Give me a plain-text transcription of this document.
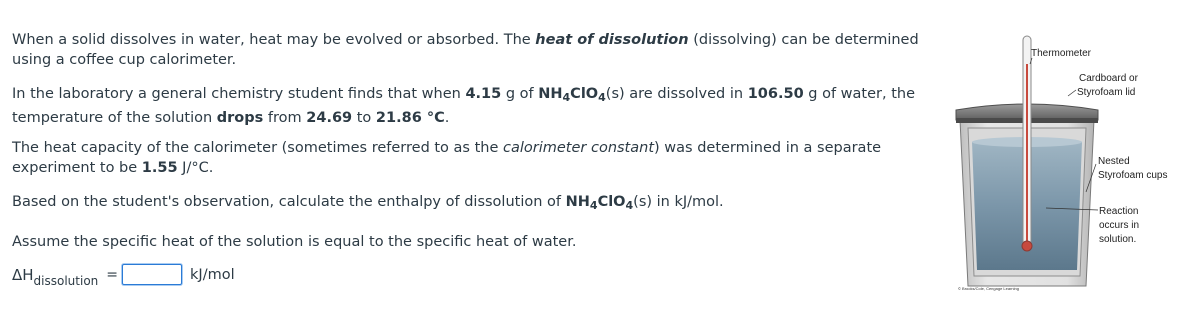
When a solid dissolves in water, heat may be evolved or absorbed. The heat of dissolution (dissolving) can be determined using a coffee cup calorimeter.
In the laboratory a general chemistry student finds that when 4.15 g of $NH_4ClO_4(s)$ are dissolved in 106.50 g of water, the temperature of the solution drops from 24.69 to 21.86 °C.
The heat capacity of the calorimeter (sometimes referred to as the calorimeter constant) was determined in a separate experiment to be 1.55 J/°C.
Based on the student's observation, calculate the enthalpy of dissolution of $NH_4ClO_4(s)$ in kJ/mol.
Assume the specific heat of the solution is equal to the specific heat of water.
$\Delta H_{dissolution}$ =	kJ/mol
Thermometer
Cardboard or
Styrofoam lid
Nested
Styrofoam cups
Reaction
occurs in
solution.
© Brooks/Cole, Cengage Learning
